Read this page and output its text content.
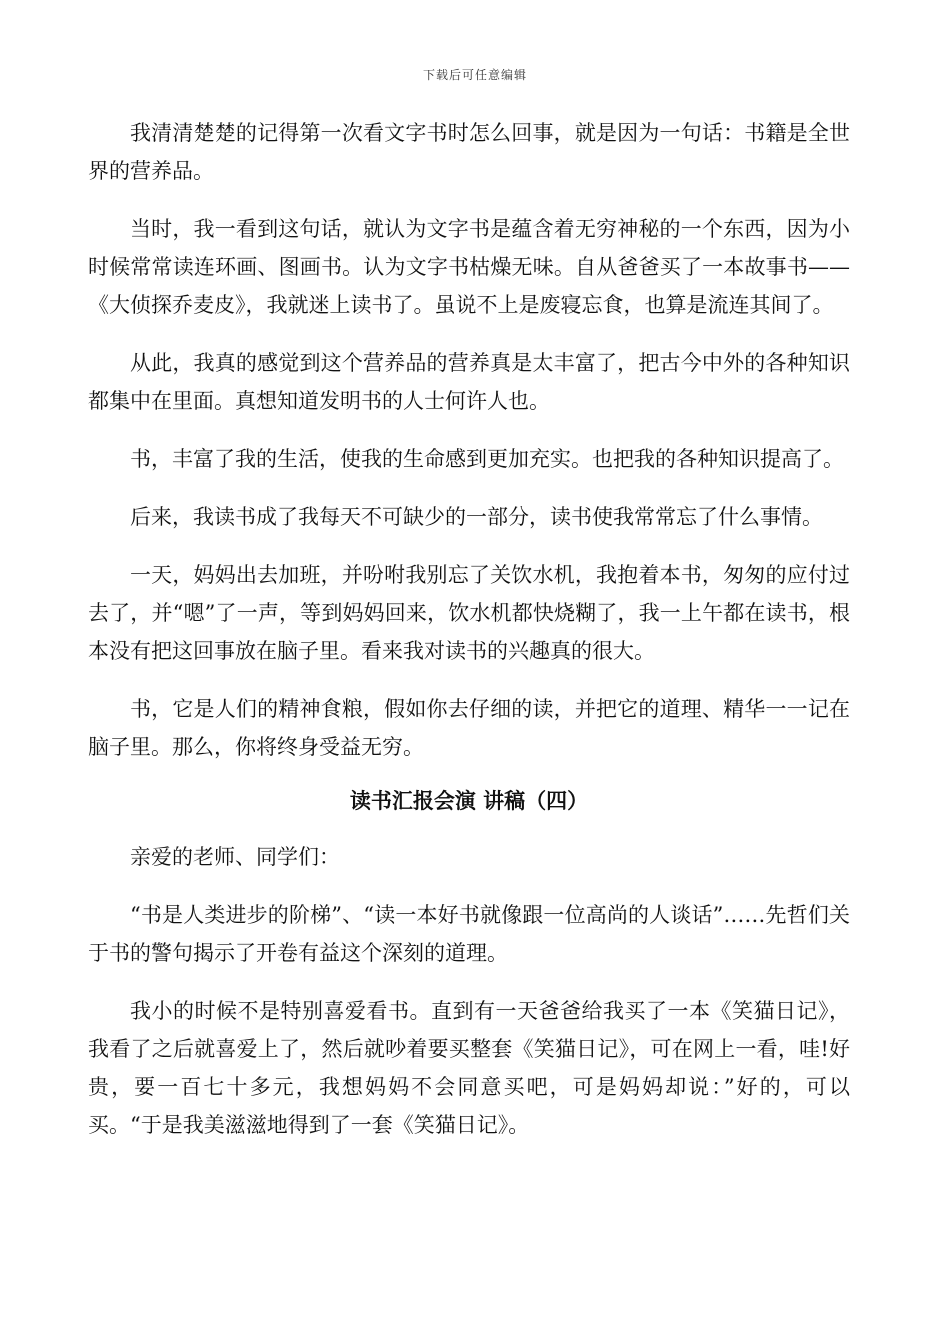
下载后可任意编辑

我清清楚楚的记得第一次看文字书时怎么回事，就是因为一句话：书籍是全世界的营养品。

当时，我一看到这句话，就认为文字书是蕴含着无穷神秘的一个东西，因为小时候常常读连环画、图画书。认为文字书枯燥无味。自从爸爸买了一本故事书——《大侦探乔麦皮》，我就迷上读书了。虽说不上是废寝忘食，也算是流连其间了。

从此，我真的感觉到这个营养品的营养真是太丰富了，把古今中外的各种知识都集中在里面。真想知道发明书的人士何许人也。

书，丰富了我的生活，使我的生命感到更加充实。也把我的各种知识提高了。

后来，我读书成了我每天不可缺少的一部分，读书使我常常忘了什么事情。

一天，妈妈出去加班，并吩咐我别忘了关饮水机，我抱着本书，匆匆的应付过去了，并“嗯”了一声，等到妈妈回来，饮水机都快烧糊了，我一上午都在读书，根本没有把这回事放在脑子里。看来我对读书的兴趣真的很大。

书，它是人们的精神食粮，假如你去仔细的读，并把它的道理、精华一一记在脑子里。那么，你将终身受益无穷。

读书汇报会演 讲稿（四）

亲爱的老师、同学们：

“书是人类进步的阶梯”、“读一本好书就像跟一位高尚的人谈话”……先哲们关于书的警句揭示了开卷有益这个深刻的道理。

我小的时候不是特别喜爱看书。直到有一天爸爸给我买了一本《笑猫日记》，我看了之后就喜爱上了，然后就吵着要买整套《笑猫日记》，可在网上一看，哇!好贵，要一百七十多元，我想妈妈不会同意买吧，可是妈妈却说：”好的，可以买。“于是我美滋滋地得到了一套《笑猫日记》。
